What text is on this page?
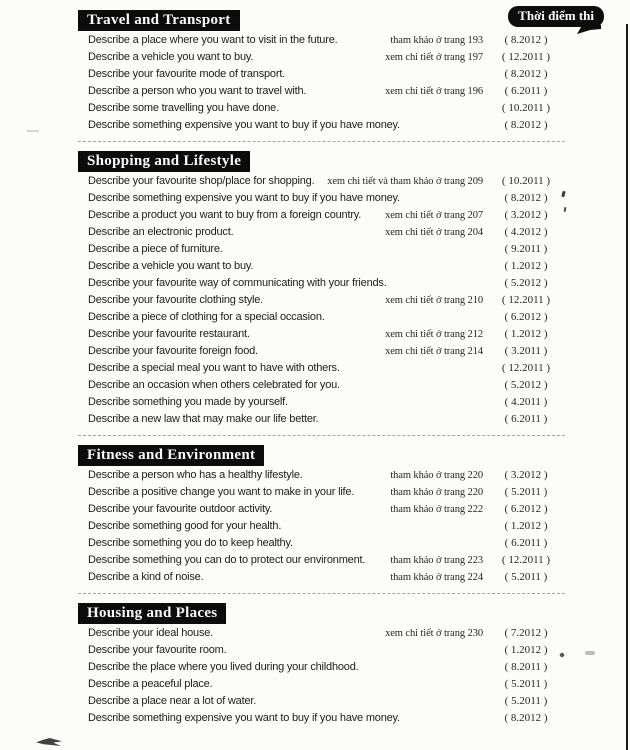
Thời điểm thi
Travel and Transport
Describe a place where you want to visit in the future.	tham khảo ở trang 193	( 8.2012 )
Describe a vehicle you want to buy.	xem chi tiết ở trang 197	( 12.2011 )
Describe your favourite mode of transport.	( 8.2012 )
Describe a person who you want to travel with.	xem chi tiết ở trang 196	( 6.2011 )
Describe some travelling you have done.	( 10.2011 )
Describe something expensive you want to buy if you have money.	( 8.2012 )
Shopping and Lifestyle
Describe your favourite shop/place for shopping.	xem chi tiết và tham khảo ở trang 209	( 10.2011 )
Describe something expensive you want to buy if you have money.	( 8.2012 )
Describe a product you want to buy from a foreign country.	xem chi tiết ở trang 207	( 3.2012 )
Describe an electronic product.	xem chi tiết ở trang 204	( 4.2012 )
Describe a piece of furniture.	( 9.2011 )
Describe a vehicle you want to buy.	( 1.2012 )
Describe your favourite way of communicating with your friends.	( 5.2012 )
Describe your favourite clothing style.	xem chi tiết ở trang 210	( 12.2011 )
Describe a piece of clothing for a special occasion.	( 6.2012 )
Describe your favourite restaurant.	xem chi tiết ở trang 212	( 1.2012 )
Describe your favourite foreign food.	xem chi tiết ở trang 214	( 3.2011 )
Describe a special meal you want to have with others.	( 12.2011 )
Describe an occasion when others celebrated for you.	( 5.2012 )
Describe something you made by yourself.	( 4.2011 )
Describe a new law that may make our life better.	( 6.2011 )
Fitness and Environment
Describe a person who has a healthy lifestyle.	tham khảo ở trang 220	( 3.2012 )
Describe a positive change you want to make in your life.	tham khảo ở trang 220	( 5.2011 )
Describe your favourite outdoor activity.	tham khảo ở trang 222	( 6.2012 )
Describe something good for your health.	( 1.2012 )
Describe something you do to keep healthy.	( 6.2011 )
Describe something you can do to protect our environment.	tham khảo ở trang 223	( 12.2011 )
Describe a kind of noise.	tham khảo ở trang 224	( 5.2011 )
Housing and Places
Describe your ideal house.	xem chi tiết ở trang 230	( 7.2012 )
Describe your favourite room.	( 1.2012 )
Describe the place where you lived during your childhood.	( 8.2011 )
Describe a peaceful place.	( 5.2011 )
Describe a place near a lot of water.	( 5.2011 )
Describe something expensive you want to buy if you have money.	( 8.2012 )
